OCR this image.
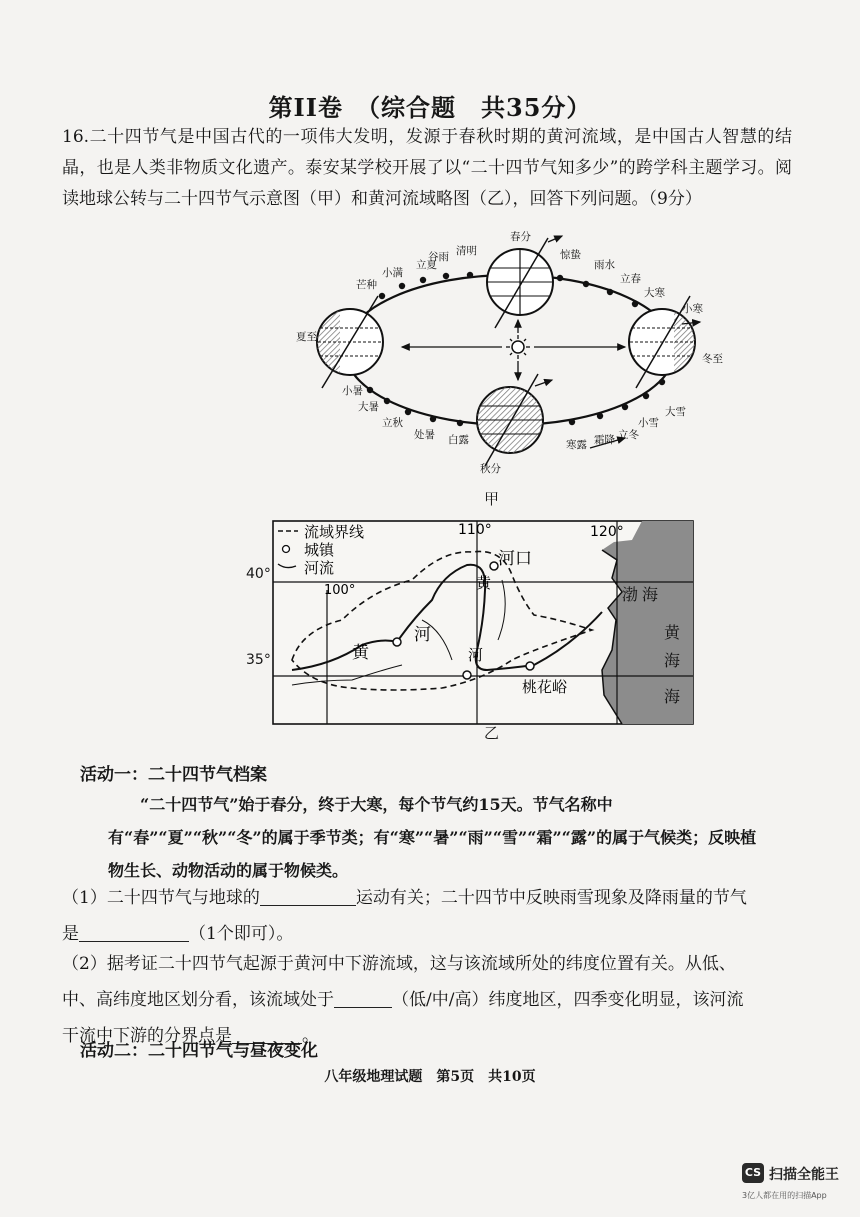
第II卷　（综合题　共35分）
16.二十四节气是中国古代的一项伟大发明，发源于春秋时期的黄河流域，是中国古人智慧的结晶，也是人类非物质文化遗产。泰安某学校开展了以“二十四节气知多少”的跨学科主题学习。阅读地球公转与二十四节气示意图（甲）和黄河流域略图（乙），回答下列问题。（9分）
春分
惊蛰
雨水
立春
大寒
小寒
冬至
大雪
小雪
立冬
霜降
寒露
秋分
白露
处暑
立秋
大暑
小暑
夏至
芒种
小满
立夏
谷雨 清明
甲
流域界线
城镇
河流
110°
100°
120°
河口
桃花峪
黄
河
黄
河
渤 海
黄
海
海
40°
35°
乙
活动一：二十四节气档案
“二十四节气”始于春分，终于大寒，每个节气约15天。节气名称中有“春”“夏”“秋”“冬”的属于季节类；有“寒”“暑”“雨”“雪”“霜”“露”的属于气候类；反映植物生长、动物活动的属于物候类。
（1）二十四节气与地球的	运动有关；二十四节中反映雨雪现象及降雨量的节气
是	（1个即可）。
（2）据考证二十四节气起源于黄河中下游流域，这与该流域所处的纬度位置有关。从低、
中、高纬度地区划分看，该流域处于	（低/中/高）纬度地区，四季变化明显，该河流
干流中下游的分界点是	。
活动二：二十四节气与昼夜变化
八年级地理试题　第5页　共10页
CS 扫描全能王
3亿人都在用的扫描App
